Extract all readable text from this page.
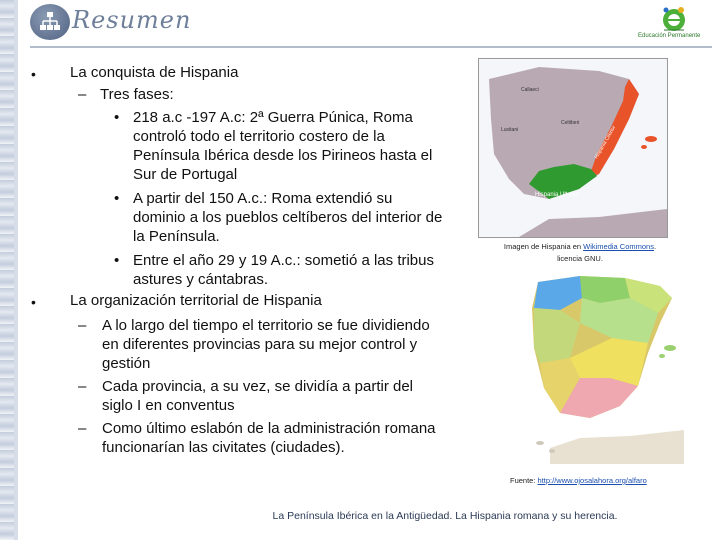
Resumen
Educación Permanente
• La conquista de Hispania
– Tres fases:
• 218 a.c -197 A.c: 2ª Guerra Púnica, Roma
controló todo el territorio costero de la
Península Ibérica desde los Pirineos hasta el
Sur de Portugal
• A partir del 150 A.c.: Roma extendió su
dominio a los pueblos celtíberos del interior de
la Península.
• Entre el año 29 y 19 A.c.: sometió a las tribus
astures y cántabras.
• La organización territorial de Hispania
– A lo largo del tiempo el territorio se fue dividiendo
en diferentes provincias para su mejor control y
gestión
– Cada provincia, a su vez, se dividía a partir del
siglo I en conventus
– Como último eslabón de la administración romana
funcionarían las civitates (ciudades).
Callaeci
Lusitani
Celtiberi
Hispania Citerior
Hispania Ulterior
Imagen de Hispania en Wikimedia Commons.
licencia GNU.
Fuente: http://www.ojosalahora.org/alfaro
La Península Ibérica en la Antigüedad. La Hispania romana y su herencia.
